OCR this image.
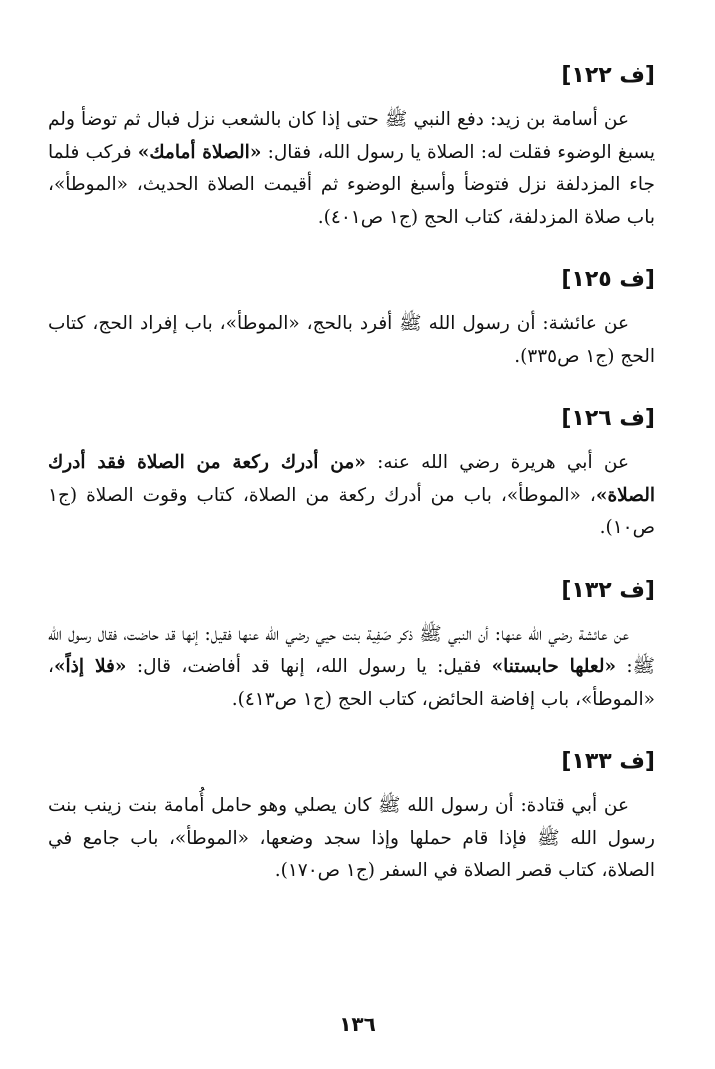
[ف ١٢٢]

عن أسامة بن زيد: دفع النبي ﷺ حتى إذا كان بالشعب نزل فبال ثم توضأ ولم يسبغ الوضوء فقلت له: الصلاة يا رسول الله، فقال: «الصلاة أمامك» فركب فلما جاء المزدلفة نزل فتوضأ وأسبغ الوضوء ثم أقيمت الصلاة الحديث، «الموطأ»، باب صلاة المزدلفة، كتاب الحج (ج١ ص٤٠١).

[ف ١٢٥]

عن عائشة: أن رسول الله ﷺ أفرد بالحج، «الموطأ»، باب إفراد الحج، كتاب الحج (ج١ ص٣٣٥).

[ف ١٢٦]

عن أبي هريرة رضي الله عنه: «من أدرك ركعة من الصلاة فقد أدرك الصلاة»، «الموطأ»، باب من أدرك ركعة من الصلاة، كتاب وقوت الصلاة (ج١ ص١٠).

[ف ١٣٢]

عن عائشة رضي الله عنها: أن النبي ﷺ ذكر صَفِية بنت حيي رضي الله عنها فقيل: إنها قد حاضت، فقال رسول الله ﷺ: «لعلها حابستنا» فقيل: يا رسول الله، إنها قد أفاضت، قال: «فلا إذاً»، «الموطأ»، باب إفاضة الحائض، كتاب الحج (ج١ ص٤١٣).

[ف ١٣٣]

عن أبي قتادة: أن رسول الله ﷺ كان يصلي وهو حامل أُمامة بنت زينب بنت رسول الله ﷺ فإذا قام حملها وإذا سجد وضعها، «الموطأ»، باب جامع في الصلاة، كتاب قصر الصلاة في السفر (ج١ ص١٧٠).

١٣٦
